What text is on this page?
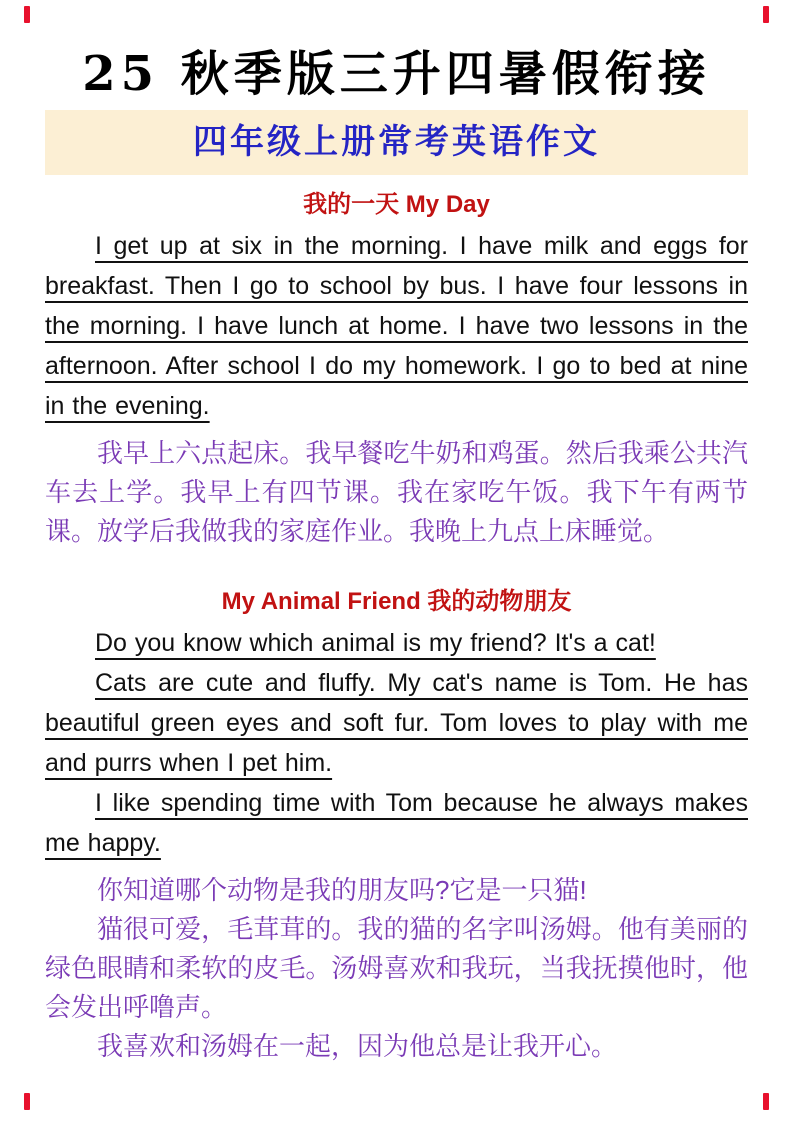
25 秋季版三升四暑假衔接
四年级上册常考英语作文
我的一天 My Day

I get up at six in the morning. I have milk and eggs for breakfast. Then I go to school by bus. I have four lessons in the morning. I have lunch at home. I have two lessons in the afternoon. After school I do my homework. I go to bed at nine in the evening.

我早上六点起床。我早餐吃牛奶和鸡蛋。然后我乘公共汽车去上学。我早上有四节课。我在家吃午饭。我下午有两节课。放学后我做我的家庭作业。我晚上九点上床睡觉。

My Animal Friend 我的动物朋友

Do you know which animal is my friend? It's a cat!

Cats are cute and fluffy. My cat's name is Tom. He has beautiful green eyes and soft fur. Tom loves to play with me and purrs when I pet him.

I like spending time with Tom because he always makes me happy.

你知道哪个动物是我的朋友吗?它是一只猫!

猫很可爱，毛茸茸的。我的猫的名字叫汤姆。他有美丽的绿色眼睛和柔软的皮毛。汤姆喜欢和我玩，当我抚摸他时，他会发出呼噜声。

我喜欢和汤姆在一起，因为他总是让我开心。
